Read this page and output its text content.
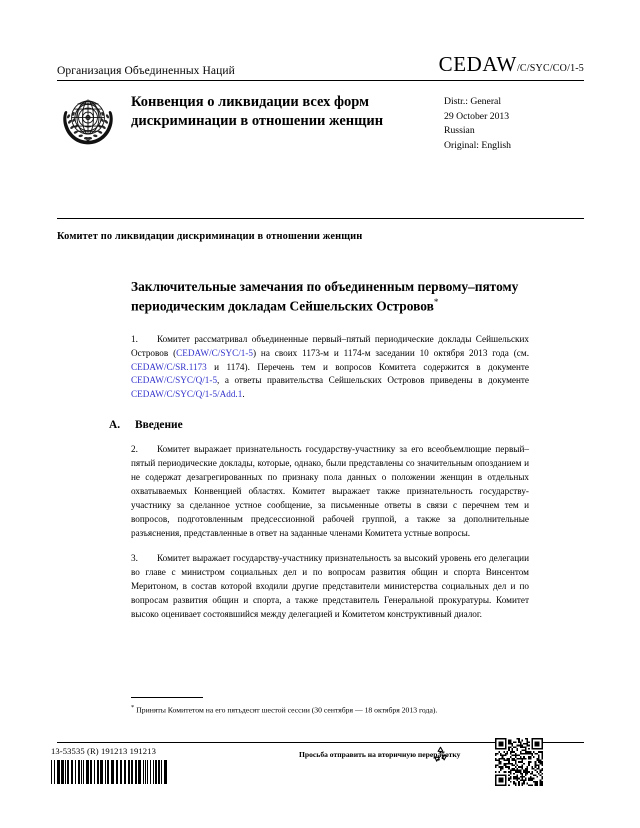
Организация Объединенных Наций	CEDAW /C/SYC/CO/1-5
Конвенция о ликвидации всех форм дискриминации в отношении женщин
Distr.: General
29 October 2013
Russian
Original: English
Комитет по ликвидации дискриминации в отношении женщин
Заключительные замечания по объединенным первому–пятому периодическим докладам Сейшельских Островов*

1. Комитет рассматривал объединенные первый–пятый периодические доклады Сейшельских Островов (CEDAW/C/SYC/1-5) на своих 1173-м и 1174-м заседании 10 октября 2013 года (см. CEDAW/C/SR.1173 и 1174). Перечень тем и вопросов Комитета содержится в документе CEDAW/C/SYC/Q/1-5, а ответы правительства Сейшельских Островов приведены в документе CEDAW/C/SYC/Q/1-5/Add.1.

A.	Введение

2. Комитет выражает признательность государству-участнику за его всеобъемлющие первый–пятый периодические доклады, которые, однако, были представлены со значительным опозданием и не содержат дезагрегированных по признаку пола данных о положении женщин в отдельных охватываемых Конвенцией областях. Комитет выражает также признательность государству-участнику за сделанное устное сообщение, за письменные ответы в связи с перечнем тем и вопросов, подготовленным предсессионной рабочей группой, а также за дополнительные разъяснения, представленные в ответ на заданные членами Комитета устные вопросы.

3. Комитет выражает государству-участнику признательность за высокий уровень его делегации во главе с министром социальных дел и по вопросам развития общин и спорта Винсентом Меритоном, в состав которой входили другие представители министерства социальных дел и по вопросам развития общин и спорта, а также представитель Генеральной прокуратуры. Комитет высоко оценивает состоявшийся между делегацией и Комитетом конструктивный диалог.

* Приняты Комитетом на его пятьдесят шестой сессии (30 сентября — 18 октября 2013 года).
13-53535 (R) 191213 191213	Просьба отправить на вторичную переработку
